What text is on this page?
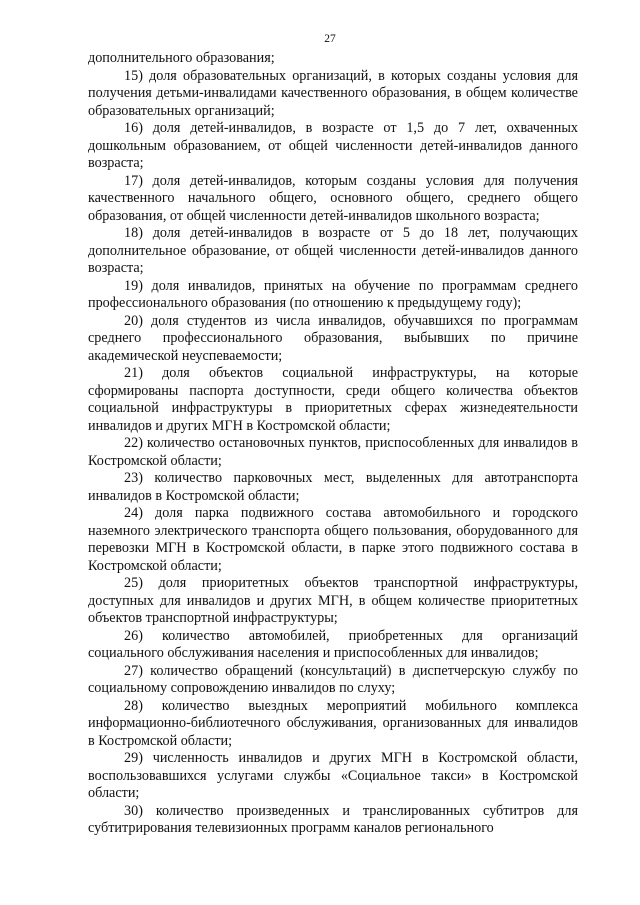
27

дополнительного образования;

15) доля образовательных организаций, в которых созданы условия для получения детьми-инвалидами качественного образования, в общем количестве образовательных организаций;

16) доля детей-инвалидов, в возрасте от 1,5 до 7 лет, охваченных дошкольным образованием, от общей численности детей-инвалидов данного возраста;

17) доля детей-инвалидов, которым созданы условия для получения качественного начального общего, основного общего, среднего общего образования, от общей численности детей-инвалидов школьного возраста;

18) доля детей-инвалидов в возрасте от 5 до 18 лет, получающих дополнительное образование, от общей численности детей-инвалидов данного возраста;

19) доля инвалидов, принятых на обучение по программам среднего профессионального образования (по отношению к предыдущему году);

20) доля студентов из числа инвалидов, обучавшихся по программам среднего профессионального образования, выбывших по причине академической неуспеваемости;

21) доля объектов социальной инфраструктуры, на которые сформированы паспорта доступности, среди общего количества объектов социальной инфраструктуры в приоритетных сферах жизнедеятельности инвалидов и других МГН в Костромской области;

22) количество остановочных пунктов, приспособленных для инвалидов в Костромской области;

23) количество парковочных мест, выделенных для автотранспорта инвалидов в Костромской области;

24) доля парка подвижного состава автомобильного и городского наземного электрического транспорта общего пользования, оборудованного для перевозки МГН в Костромской области, в парке этого подвижного состава в Костромской области;

25) доля приоритетных объектов транспортной инфраструктуры, доступных для инвалидов и других МГН, в общем количестве приоритетных объектов транспортной инфраструктуры;

26) количество автомобилей, приобретенных для организаций социального обслуживания населения и приспособленных для инвалидов;

27) количество обращений (консультаций) в диспетчерскую службу по социальному сопровождению инвалидов по слуху;

28) количество выездных мероприятий мобильного комплекса информационно-библиотечного обслуживания, организованных для инвалидов в Костромской области;

29) численность инвалидов и других МГН в Костромской области, воспользовавшихся услугами службы «Социальное такси» в Костромской области;

30) количество произведенных и транслированных субтитров для субтитрирования телевизионных программ каналов регионального
